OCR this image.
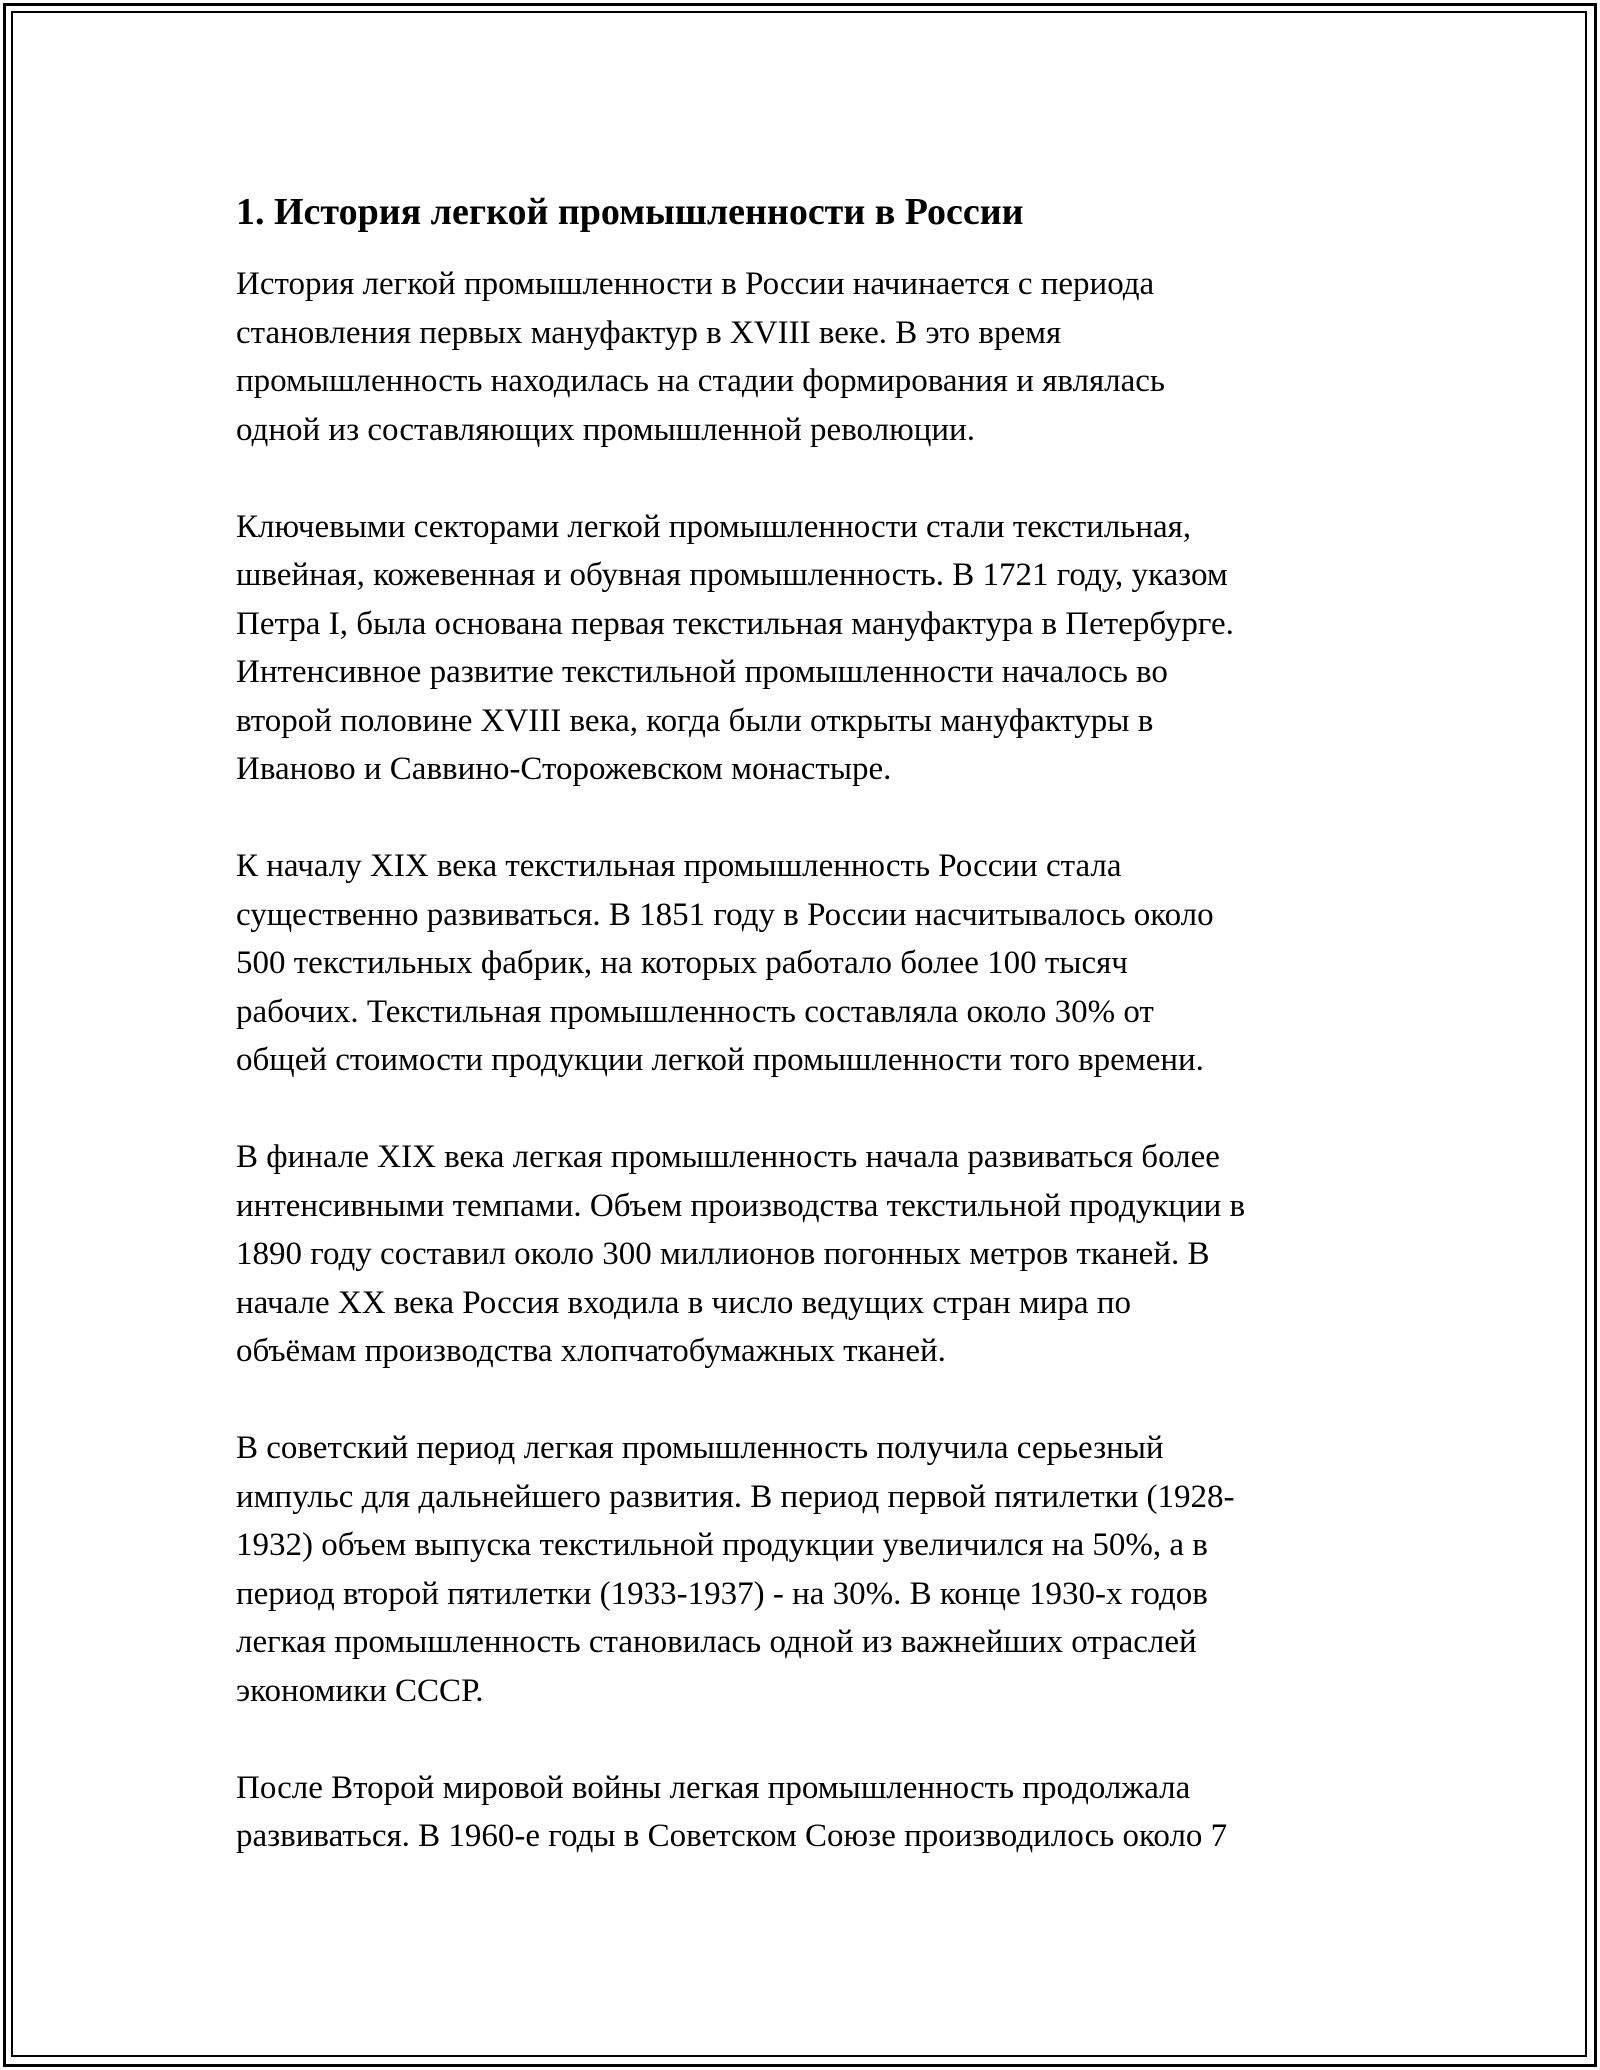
1. История легкой промышленности в России

История легкой промышленности в России начинается с периода
становления первых мануфактур в XVIII веке. В это время
промышленность находилась на стадии формирования и являлась
одной из составляющих промышленной революции.

Ключевыми секторами легкой промышленности стали текстильная,
швейная, кожевенная и обувная промышленность. В 1721 году, указом
Петра I, была основана первая текстильная мануфактура в Петербурге.
Интенсивное развитие текстильной промышленности началось во
второй половине XVIII века, когда были открыты мануфактуры в
Иваново и Саввино-Сторожевском монастыре.

К началу XIX века текстильная промышленность России стала
существенно развиваться. В 1851 году в России насчитывалось около
500 текстильных фабрик, на которых работало более 100 тысяч
рабочих. Текстильная промышленность составляла около 30% от
общей стоимости продукции легкой промышленности того времени.

В финале XIX века легкая промышленность начала развиваться более
интенсивными темпами. Объем производства текстильной продукции в
1890 году составил около 300 миллионов погонных метров тканей. В
начале XX века Россия входила в число ведущих стран мира по
объёмам производства хлопчатобумажных тканей.

В советский период легкая промышленность получила серьезный
импульс для дальнейшего развития. В период первой пятилетки (1928-
1932) объем выпуска текстильной продукции увеличился на 50%, а в
период второй пятилетки (1933-1937) - на 30%. В конце 1930-х годов
легкая промышленность становилась одной из важнейших отраслей
экономики СССР.

После Второй мировой войны легкая промышленность продолжала
развиваться. В 1960-е годы в Советском Союзе производилось около 7
